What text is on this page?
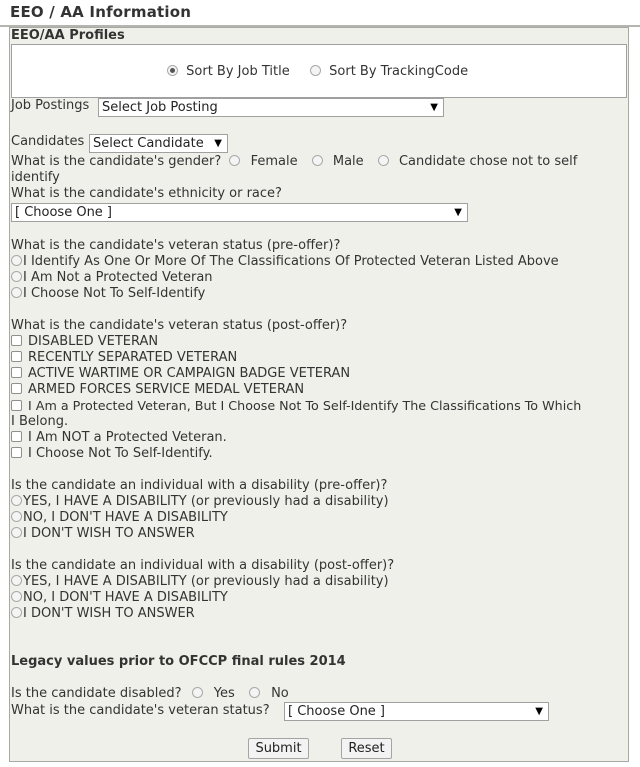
EEO / AA Information
EEO/AA Profiles
Sort By Job Title	Sort By TrackingCode
Job Postings Select Job Posting	▼
Candidates Select Candidate ▼
What is the candidate's gender? Female	Male	Candidate chose not to self
identify
What is the candidate's ethnicity or race?
[ Choose One ]	▼
What is the candidate's veteran status (pre-offer)?
I Identify As One Or More Of The Classifications Of Protected Veteran Listed Above
I Am Not a Protected Veteran
I Choose Not To Self-Identify
What is the candidate's veteran status (post-offer)?
DISABLED VETERAN
RECENTLY SEPARATED VETERAN
ACTIVE WARTIME OR CAMPAIGN BADGE VETERAN
ARMED FORCES SERVICE MEDAL VETERAN
I Am a Protected Veteran, But I Choose Not To Self-Identify The Classifications To Which
I Belong.
I Am NOT a Protected Veteran.
I Choose Not To Self-Identify.
Is the candidate an individual with a disability (pre-offer)?
YES, I HAVE A DISABILITY (or previously had a disability)
NO, I DON'T HAVE A DISABILITY
I DON'T WISH TO ANSWER
Is the candidate an individual with a disability (post-offer)?
YES, I HAVE A DISABILITY (or previously had a disability)
NO, I DON'T HAVE A DISABILITY
I DON'T WISH TO ANSWER
Legacy values prior to OFCCP final rules 2014
Is the candidate disabled? Yes	No
What is the candidate's veteran status?	[ Choose One ]	▼
Submit	Reset
